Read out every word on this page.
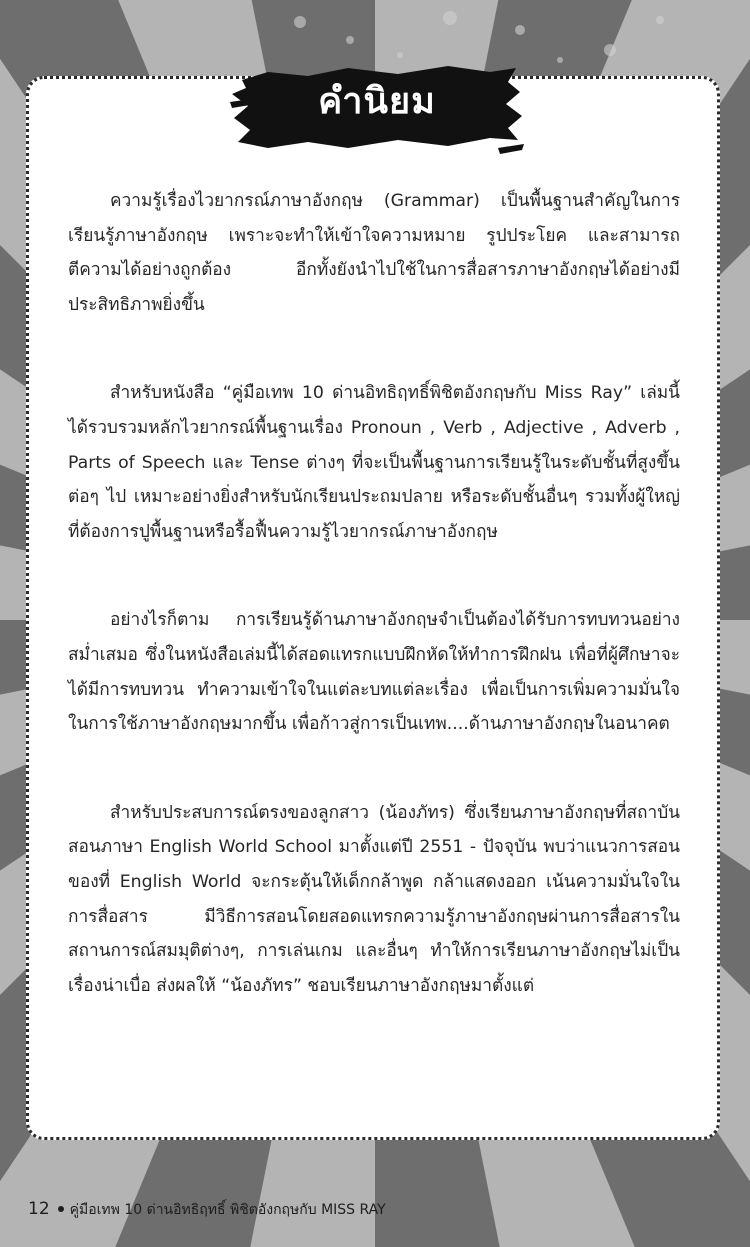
คำนิยม

ความรู้เรื่องไวยากรณ์ภาษาอังกฤษ (Grammar) เป็นพื้นฐานสำคัญในการเรียนรู้ภาษาอังกฤษ เพราะจะทำให้เข้าใจความหมาย รูปประโยค และสามารถตีความได้อย่างถูกต้อง อีกทั้งยังนำไปใช้ในการสื่อสารภาษาอังกฤษได้อย่างมีประสิทธิภาพยิ่งขึ้น

สำหรับหนังสือ “คู่มือเทพ 10 ด่านอิทธิฤทธิ์พิชิตอังกฤษกับ Miss Ray” เล่มนี้ได้รวบรวมหลักไวยากรณ์พื้นฐานเรื่อง Pronoun , Verb , Adjective , Adverb , Parts of Speech และ Tense ต่างๆ ที่จะเป็นพื้นฐานการเรียนรู้ในระดับชั้นที่สูงขึ้นต่อๆ ไป เหมาะอย่างยิ่งสำหรับนักเรียนประถมปลาย หรือระดับชั้นอื่นๆ รวมทั้งผู้ใหญ่ ที่ต้องการปูพื้นฐานหรือรื้อฟื้นความรู้ไวยากรณ์ภาษาอังกฤษ

อย่างไรก็ตาม การเรียนรู้ด้านภาษาอังกฤษจำเป็นต้องได้รับการทบทวนอย่างสม่ำเสมอ ซึ่งในหนังสือเล่มนี้ได้สอดแทรกแบบฝึกหัดให้ทำการฝึกฝน เพื่อที่ผู้ศึกษาจะได้มีการทบทวน ทำความเข้าใจในแต่ละบทแต่ละเรื่อง เพื่อเป็นการเพิ่มความมั่นใจในการใช้ภาษาอังกฤษมากขึ้น เพื่อก้าวสู่การเป็นเทพ....ด้านภาษาอังกฤษในอนาคต

สำหรับประสบการณ์ตรงของลูกสาว (น้องภัทร) ซึ่งเรียนภาษาอังกฤษที่สถาบันสอนภาษา English World School มาตั้งแต่ปี 2551 - ปัจจุบัน พบว่าแนวการสอนของที่ English World จะกระตุ้นให้เด็กกล้าพูด กล้าแสดงออก เน้นความมั่นใจในการสื่อสาร มีวิธีการสอนโดยสอดแทรกความรู้ภาษาอังกฤษผ่านการสื่อสารในสถานการณ์สมมุติต่างๆ, การเล่นเกม และอื่นๆ ทำให้การเรียนภาษาอังกฤษไม่เป็นเรื่องน่าเบื่อ ส่งผลให้ “น้องภัทร” ชอบเรียนภาษาอังกฤษมาตั้งแต่

12 คู่มือเทพ 10 ด่านอิทธิฤทธิ์ พิชิตอังกฤษกับ MISS RAY
